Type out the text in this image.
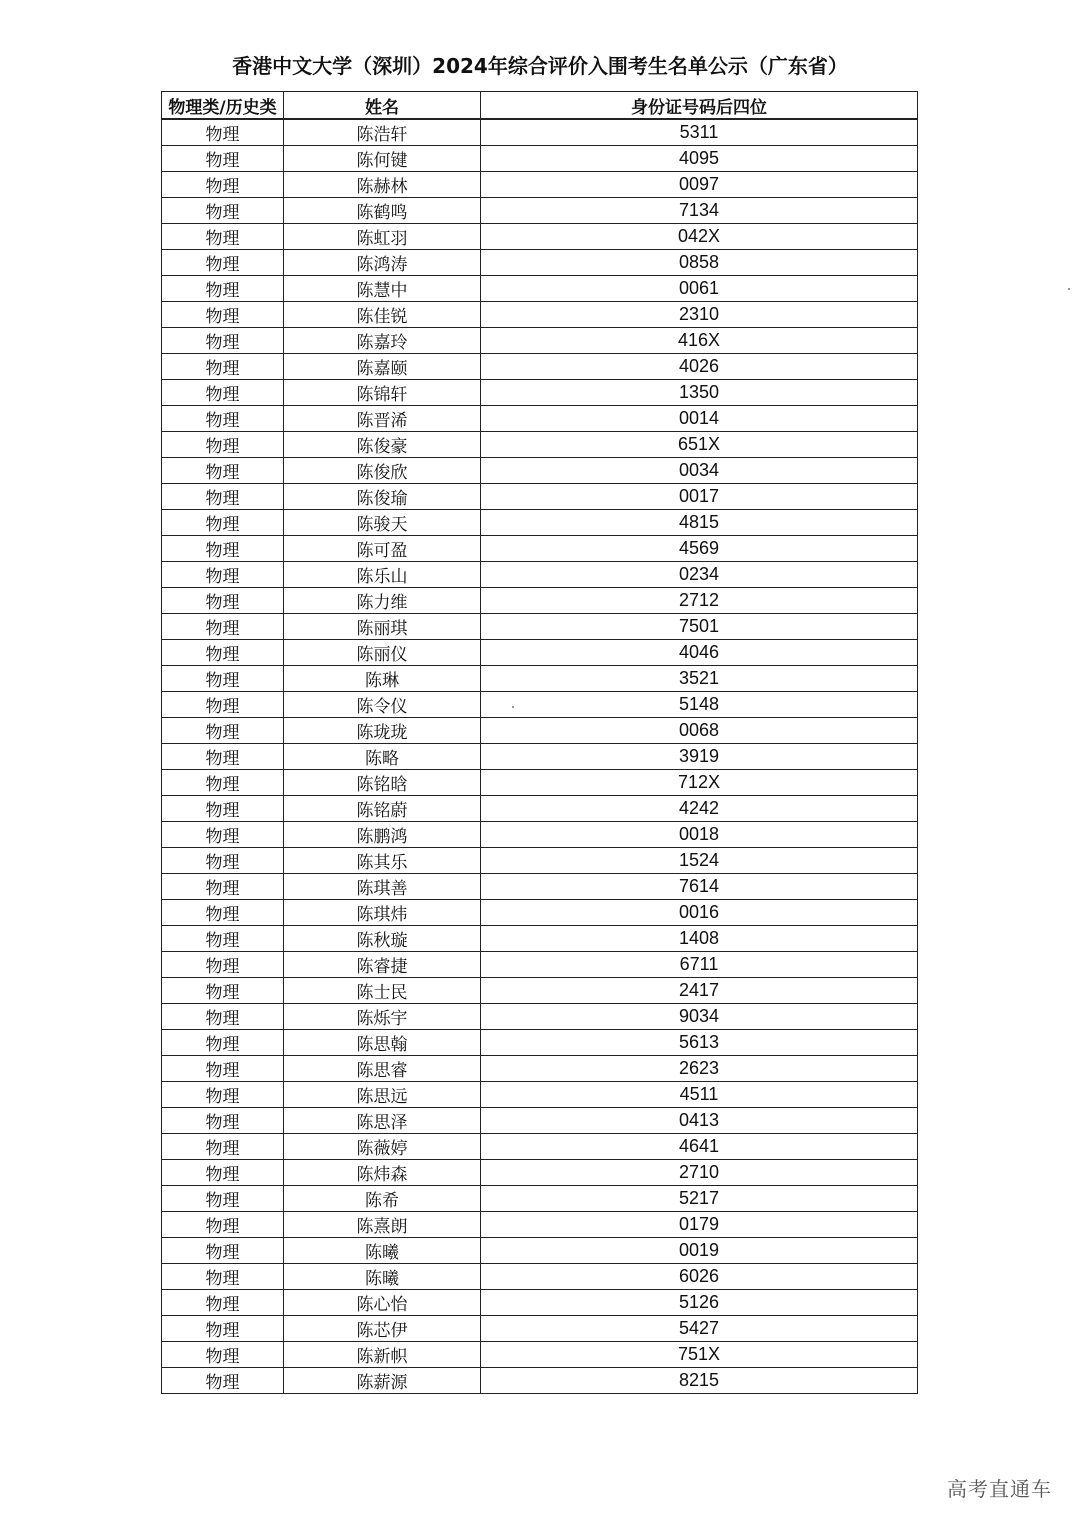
香港中文大学（深圳）2024年综合评价入围考生名单公示（广东省）
物理类/历史类	姓名	身份证号码后四位
物理	陈浩轩	5311
物理	陈何键	4095
物理	陈赫林	0097
物理	陈鹤鸣	7134
物理	陈虹羽	042X
物理	陈鸿涛	0858
物理	陈慧中	0061
物理	陈佳锐	2310
物理	陈嘉玲	416X
物理	陈嘉颐	4026
物理	陈锦轩	1350
物理	陈晋浠	0014
物理	陈俊豪	651X
物理	陈俊欣	0034
物理	陈俊瑜	0017
物理	陈骏天	4815
物理	陈可盈	4569
物理	陈乐山	0234
物理	陈力维	2712
物理	陈丽琪	7501
物理	陈丽仪	4046
物理	陈琳	3521
物理	陈令仪	5148
物理	陈珑珑	0068
物理	陈略	3919
物理	陈铭晗	712X
物理	陈铭蔚	4242
物理	陈鹏鸿	0018
物理	陈其乐	1524
物理	陈琪善	7614
物理	陈琪炜	0016
物理	陈秋璇	1408
物理	陈睿捷	6711
物理	陈士民	2417
物理	陈烁宇	9034
物理	陈思翰	5613
物理	陈思睿	2623
物理	陈思远	4511
物理	陈思泽	0413
物理	陈薇婷	4641
物理	陈炜森	2710
物理	陈希	5217
物理	陈熹朗	0179
物理	陈曦	0019
物理	陈曦	6026
物理	陈心怡	5126
物理	陈芯伊	5427
物理	陈新帜	751X
物理	陈薪源	8215
高考直通车
